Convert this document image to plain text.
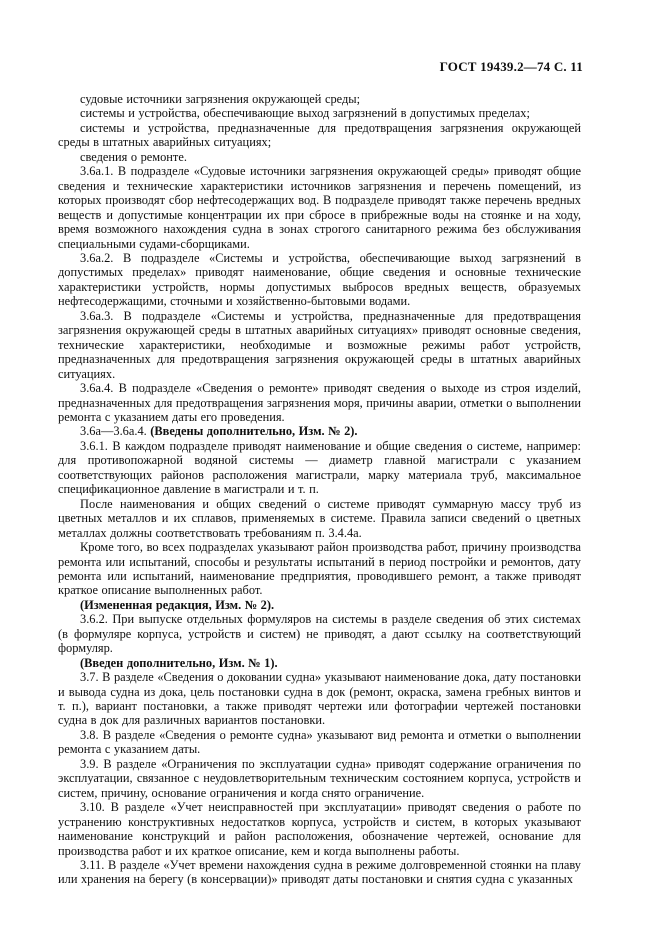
ГОСТ 19439.2—74 С. 11

судовые источники загрязнения окружающей среды;

системы и устройства, обеспечивающие выход загрязнений в допустимых пределах;

системы и устройства, предназначенные для предотвращения загрязнения окружающей среды в штатных аварийных ситуациях;

сведения о ремонте.

3.6а.1. В подразделе «Судовые источники загрязнения окружающей среды» приводят общие сведения и технические характеристики источников загрязнения и перечень помещений, из которых производят сбор нефтесодержащих вод. В подразделе приводят также перечень вредных веществ и допустимые концентрации их при сбросе в прибрежные воды на стоянке и на ходу, время возможного нахождения судна в зонах строгого санитарного режима без обслуживания специальными судами-сборщиками.

3.6а.2. В подразделе «Системы и устройства, обеспечивающие выход загрязнений в допустимых пределах» приводят наименование, общие сведения и основные технические характеристики устройств, нормы допустимых выбросов вредных веществ, образуемых нефтесодержащими, сточными и хозяйственно-бытовыми водами.

3.6а.3. В подразделе «Системы и устройства, предназначенные для предотвращения загрязнения окружающей среды в штатных аварийных ситуациях» приводят основные сведения, технические характеристики, необходимые и возможные режимы работ устройств, предназначенных для предотвращения загрязнения окружающей среды в штатных аварийных ситуациях.

3.6а.4. В подразделе «Сведения о ремонте» приводят сведения о выходе из строя изделий, предназначенных для предотвращения загрязнения моря, причины аварии, отметки о выполнении ремонта с указанием даты его проведения.

3.6а—3.6а.4. (Введены дополнительно, Изм. № 2).

3.6.1. В каждом подразделе приводят наименование и общие сведения о системе, например: для противопожарной водяной системы — диаметр главной магистрали с указанием соответствующих районов расположения магистрали, марку материала труб, максимальное спецификационное давление в магистрали и т. п.

После наименования и общих сведений о системе приводят суммарную массу труб из цветных металлов и их сплавов, применяемых в системе. Правила записи сведений о цветных металлах должны соответствовать требованиям п. 3.4.4а.

Кроме того, во всех подразделах указывают район производства работ, причину производства ремонта или испытаний, способы и результаты испытаний в период постройки и ремонтов, дату ремонта или испытаний, наименование предприятия, проводившего ремонт, а также приводят краткое описание выполненных работ.

(Измененная редакция, Изм. № 2).

3.6.2. При выпуске отдельных формуляров на системы в разделе сведения об этих системах (в формуляре корпуса, устройств и систем) не приводят, а дают ссылку на соответствующий формуляр.

(Введен дополнительно, Изм. № 1).

3.7. В разделе «Сведения о доковании судна» указывают наименование дока, дату постановки и вывода судна из дока, цель постановки судна в док (ремонт, окраска, замена гребных винтов и т. п.), вариант постановки, а также приводят чертежи или фотографии чертежей постановки судна в док для различных вариантов постановки.

3.8. В разделе «Сведения о ремонте судна» указывают вид ремонта и отметки о выполнении ремонта с указанием даты.

3.9. В разделе «Ограничения по эксплуатации судна» приводят содержание ограничения по эксплуатации, связанное с неудовлетворительным техническим состоянием корпуса, устройств и систем, причину, основание ограничения и когда снято ограничение.

3.10. В разделе «Учет неисправностей при эксплуатации» приводят сведения о работе по устранению конструктивных недостатков корпуса, устройств и систем, в которых указывают наименование конструкций и район расположения, обозначение чертежей, основание для производства работ и их краткое описание, кем и когда выполнены работы.

3.11. В разделе «Учет времени нахождения судна в режиме долговременной стоянки на плаву или хранения на берегу (в консервации)» приводят даты постановки и снятия судна с указанных
